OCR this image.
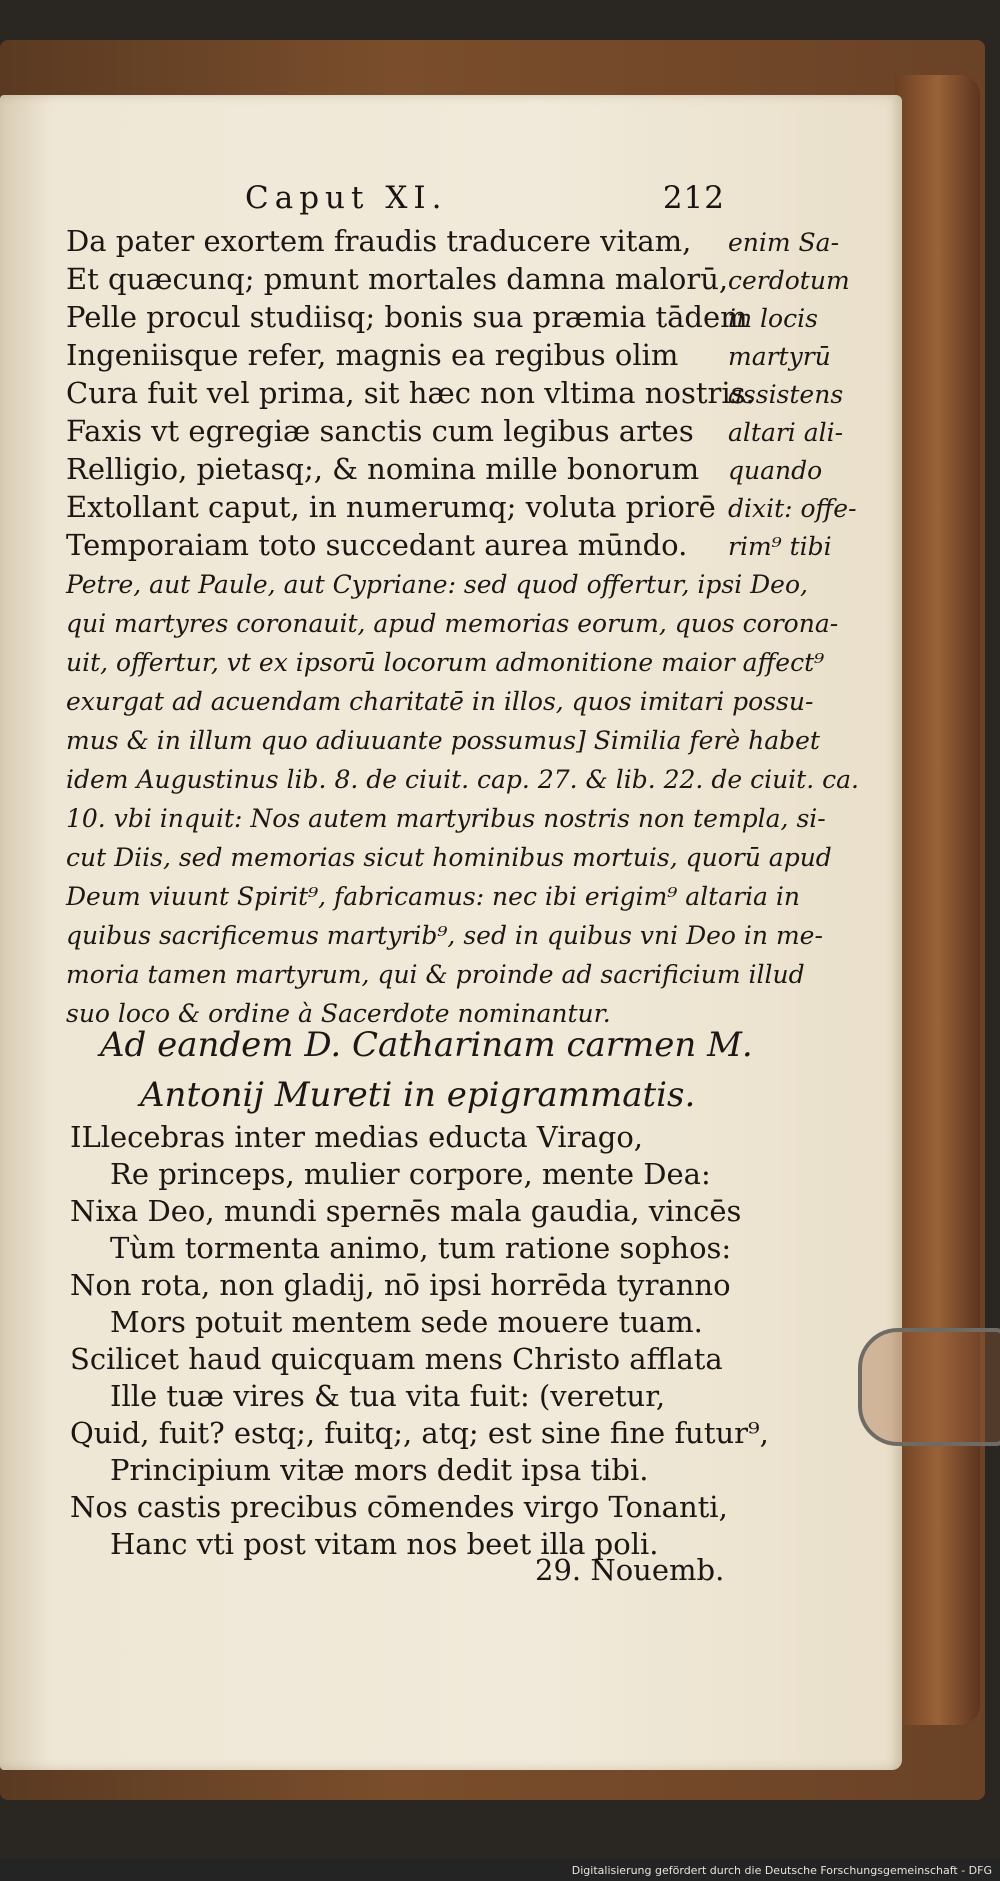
Caput XI.	212
Da pater exortem fraudis traducere vitam,
Et quæcunq; pmunt mortales damna malorū,
Pelle procul studiisq; bonis sua præmia tādem
Ingeniisque refer, magnis ea regibus olim
Cura fuit vel prima, sit hæc non vltima nostris.
Faxis vt egregiæ sanctis cum legibus artes
Relligio, pietasq;, & nomina mille bonorum
Extollant caput, in numerumq; voluta priorē
Temporaiam toto succedant aurea mūndo.
enim Sa-
cerdotum
in locis
martyrū
assistens
altari ali-
quando
dixit: offe-
rim⁹ tibi
Petre, aut Paule, aut Cypriane: sed quod offertur, ipsi Deo,
qui martyres coronauit, apud memorias eorum, quos corona-
uit, offertur, vt ex ipsorū locorum admonitione maior affect⁹
exurgat ad acuendam charitatē in illos, quos imitari possu-
mus & in illum quo adiuuante possumus] Similia ferè habet
idem Augustinus lib. 8. de ciuit. cap. 27. & lib. 22. de ciuit. ca.
10. vbi inquit: Nos autem martyribus nostris non templa, si-
cut Diis, sed memorias sicut hominibus mortuis, quorū apud
Deum viuunt Spirit⁹, fabricamus: nec ibi erigim⁹ altaria in
quibus sacrificemus martyrib⁹, sed in quibus vni Deo in me-
moria tamen martyrum, qui & proinde ad sacrificium illud
suo loco & ordine à Sacerdote nominantur.
Ad eandem D. Catharinam carmen M.
Antonij Mureti in epigrammatis.
ILlecebras inter medias educta Virago,
Re princeps, mulier corpore, mente Dea:
Nixa Deo, mundi spernēs mala gaudia, vincēs
Tùm tormenta animo, tum ratione sophos:
Non rota, non gladij, nō ipsi horrēda tyranno
Mors potuit mentem sede mouere tuam.
Scilicet haud quicquam mens Christo afflata
Ille tuæ vires & tua vita fuit: (veretur,
Quid, fuit? estq;, fuitq;, atq; est sine fine futur⁹,
Principium vitæ mors dedit ipsa tibi.
Nos castis precibus cōmendes virgo Tonanti,
Hanc vti post vitam nos beet illa poli.
29. Nouemb.
Digitalisierung gefördert durch die Deutsche Forschungsgemeinschaft - DFG
